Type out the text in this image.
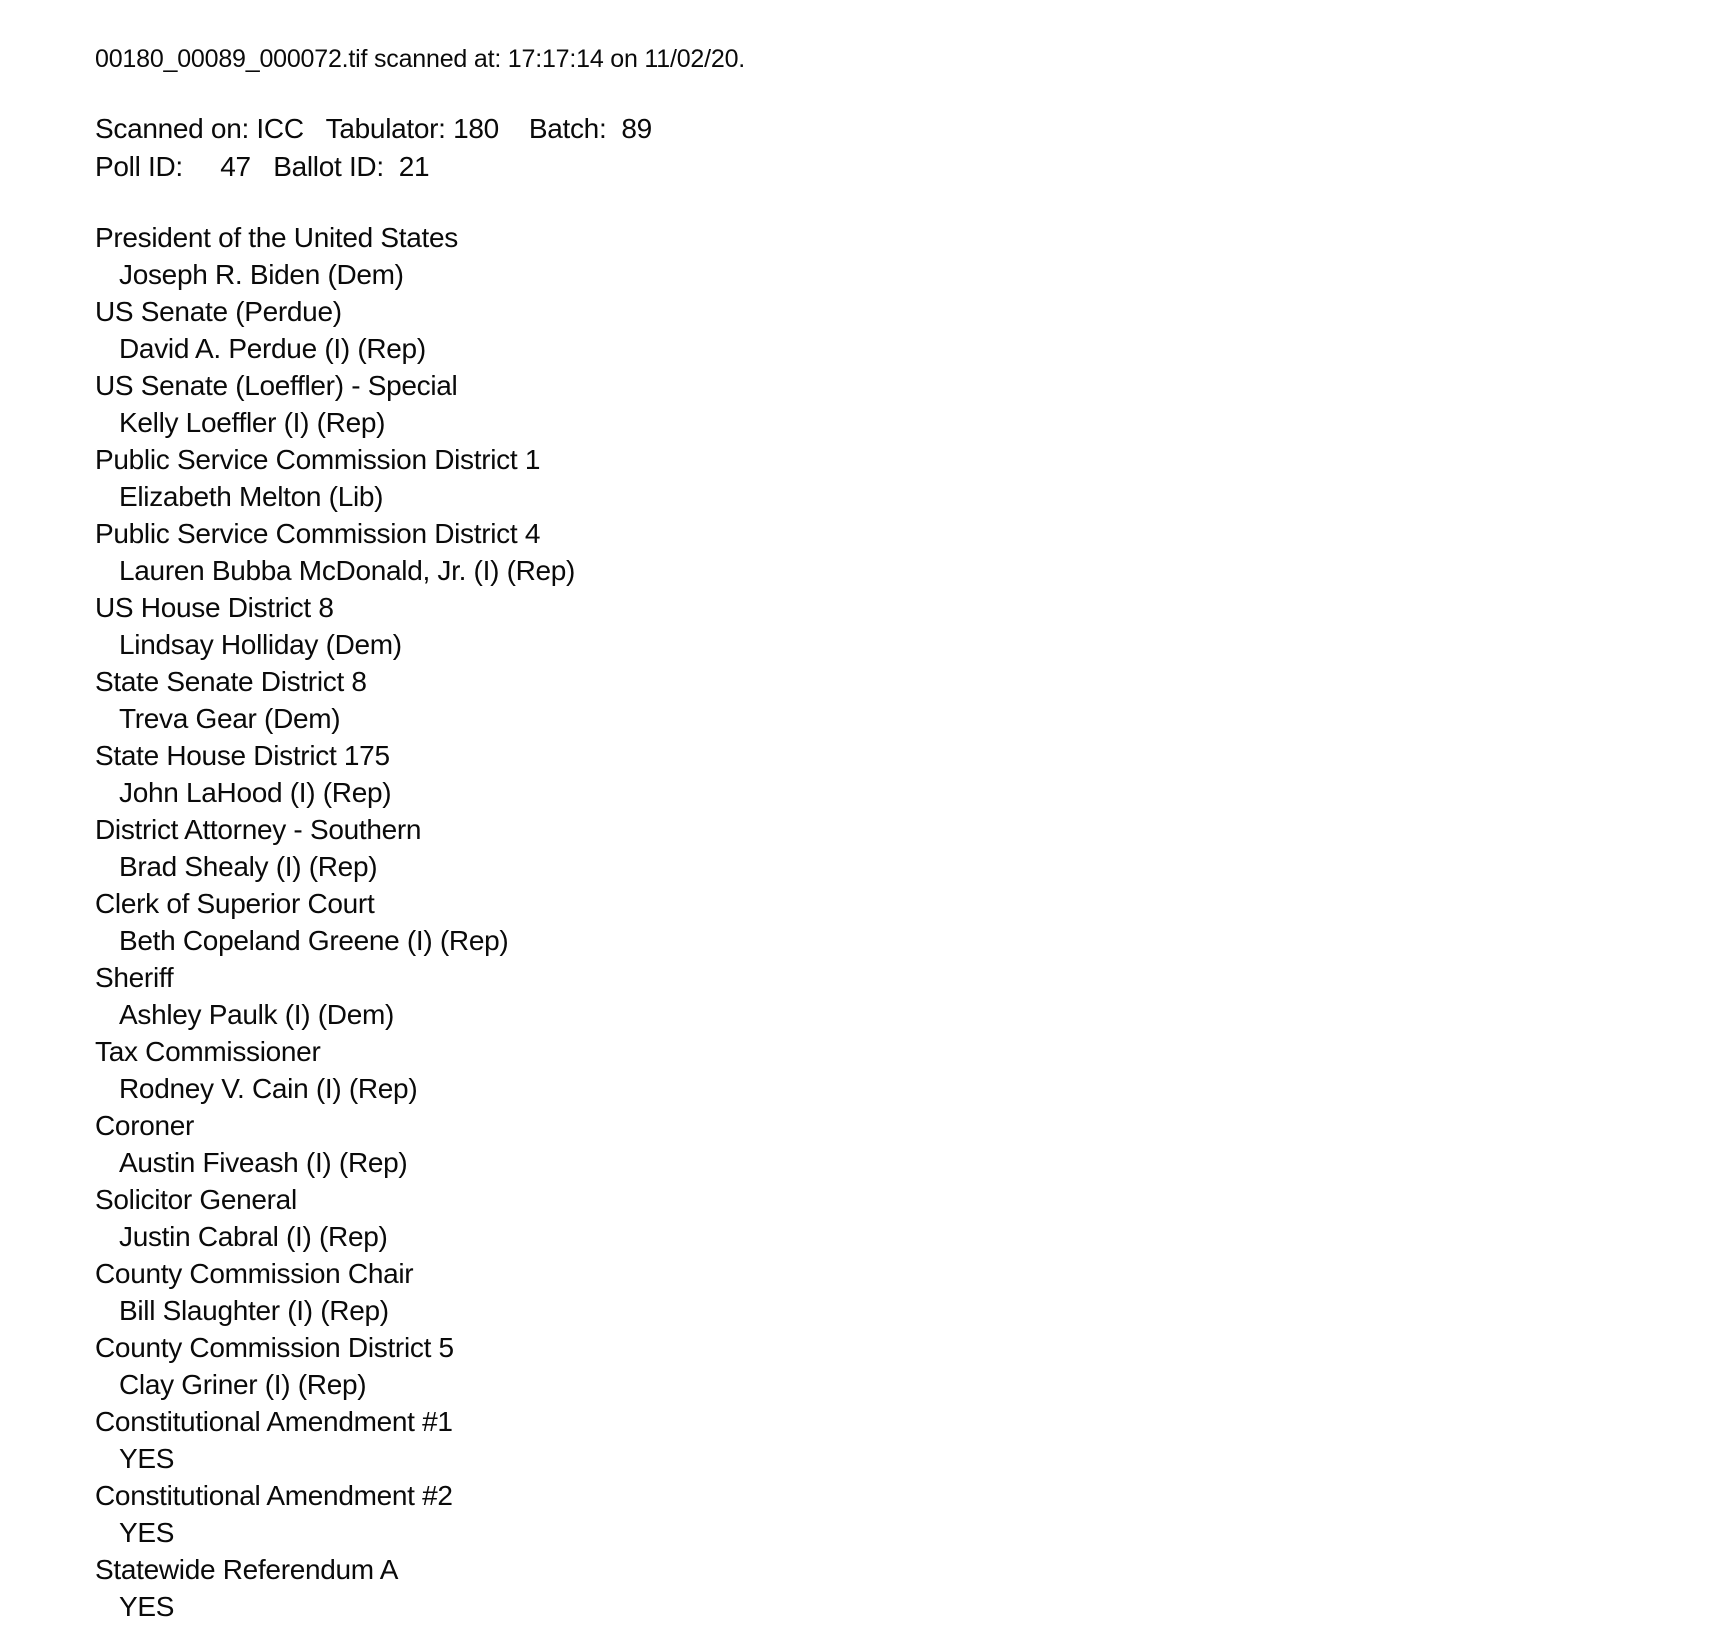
00180_00089_000072.tif scanned at: 17:17:14 on 11/02/20.
Scanned on: ICC   Tabulator: 180    Batch:  89
Poll ID:     47   Ballot ID:  21
President of the United States
Joseph R. Biden (Dem)
US Senate (Perdue)
David A. Perdue (I) (Rep)
US Senate (Loeffler) - Special
Kelly Loeffler (I) (Rep)
Public Service Commission District 1
Elizabeth Melton (Lib)
Public Service Commission District 4
Lauren Bubba McDonald, Jr. (I) (Rep)
US House District 8
Lindsay Holliday (Dem)
State Senate District 8
Treva Gear (Dem)
State House District 175
John LaHood (I) (Rep)
District Attorney - Southern
Brad Shealy (I) (Rep)
Clerk of Superior Court
Beth Copeland Greene (I) (Rep)
Sheriff
Ashley Paulk (I) (Dem)
Tax Commissioner
Rodney V. Cain (I) (Rep)
Coroner
Austin Fiveash (I) (Rep)
Solicitor General
Justin Cabral (I) (Rep)
County Commission Chair
Bill Slaughter (I) (Rep)
County Commission District 5
Clay Griner (I) (Rep)
Constitutional Amendment #1
YES
Constitutional Amendment #2
YES
Statewide Referendum A
YES
